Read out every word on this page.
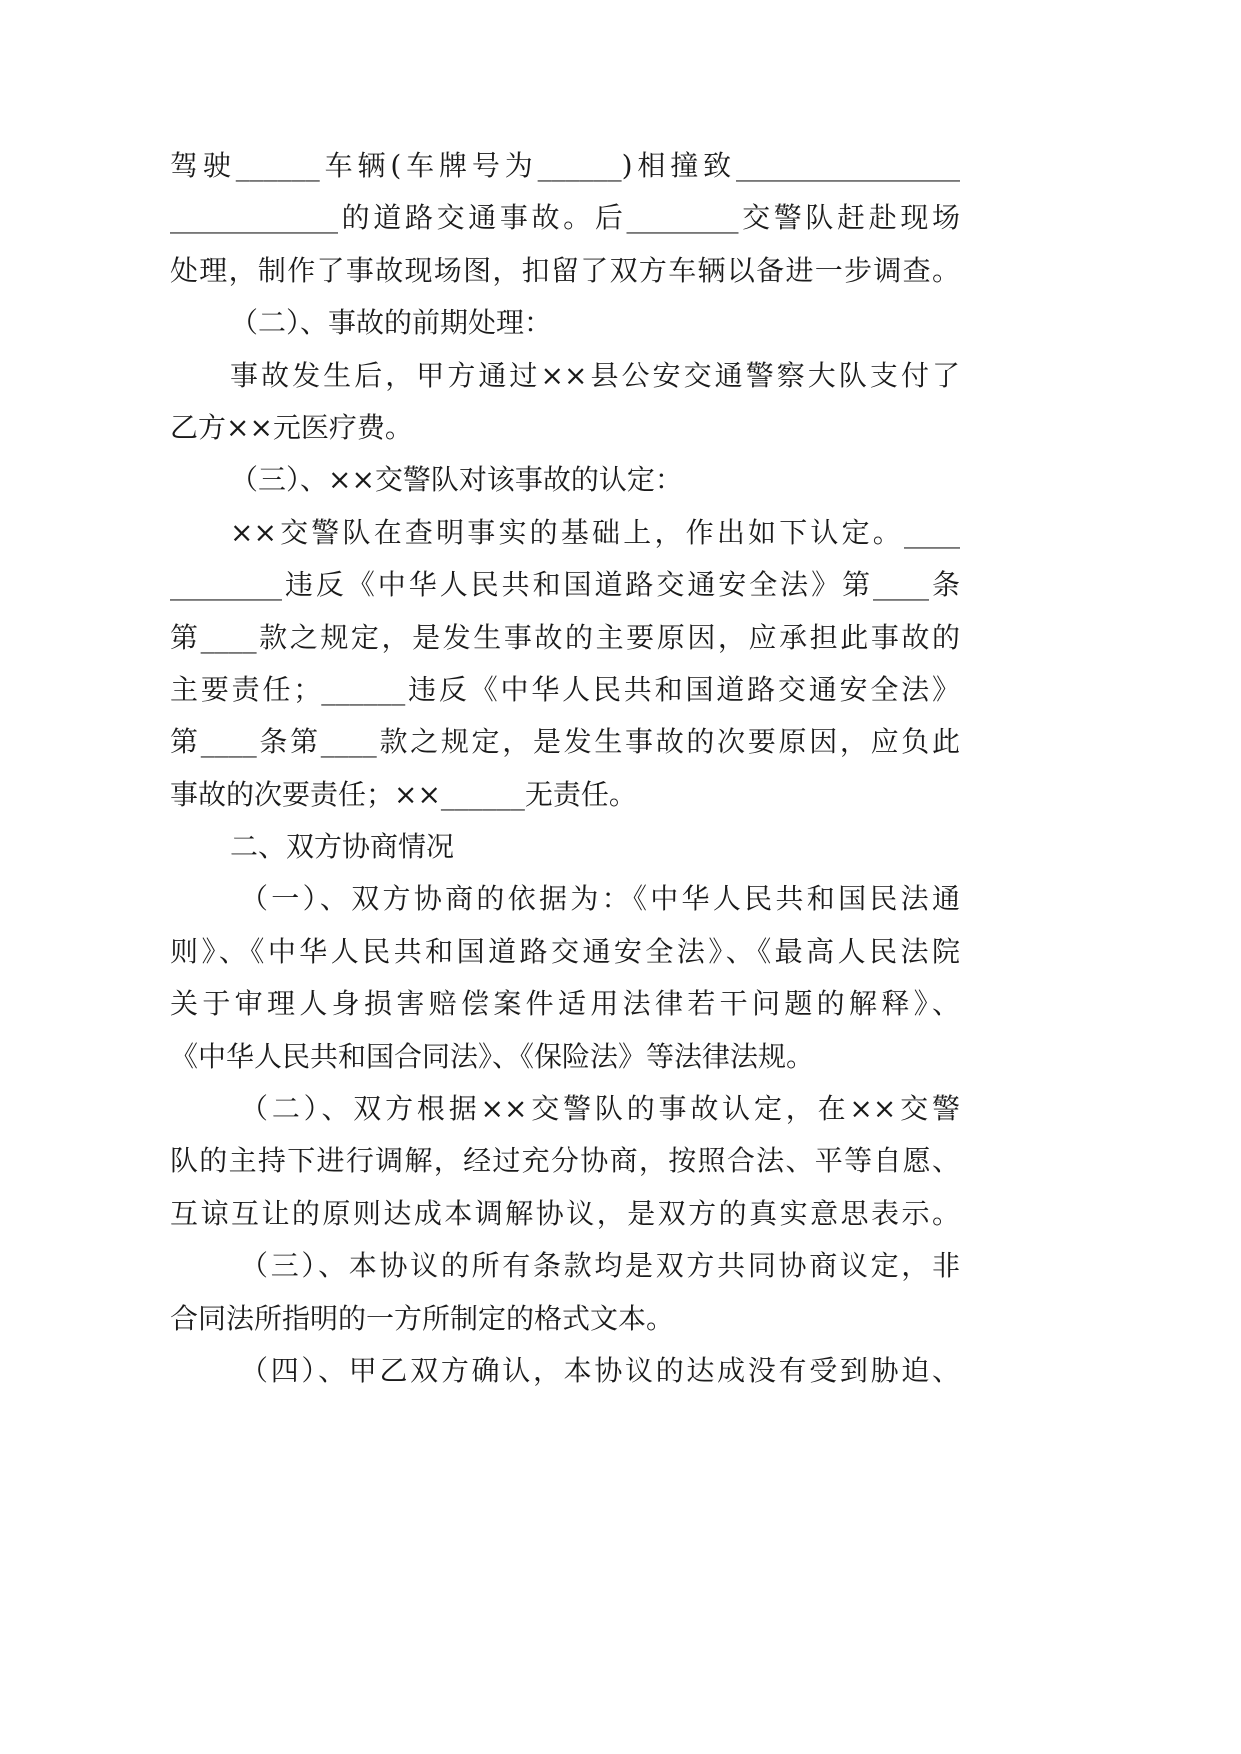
驾驶______车辆(车牌号为______)相撞致________________
____________的道路交通事故。后________交警队赶赴现场
处理，制作了事故现场图，扣留了双方车辆以备进一步调查。
（二）、事故的前期处理：
事故发生后，甲方通过××县公安交通警察大队支付了
乙方××元医疗费。
（三）、××交警队对该事故的认定：
××交警队在查明事实的基础上，作出如下认定。____
________违反《中华人民共和国道路交通安全法》第____条
第____款之规定，是发生事故的主要原因，应承担此事故的
主要责任；______违反《中华人民共和国道路交通安全法》
第____条第____款之规定，是发生事故的次要原因，应负此
事故的次要责任；××______无责任。
二、双方协商情况
（一）、双方协商的依据为：《中华人民共和国民法通
则》、《中华人民共和国道路交通安全法》、《最高人民法院
关于审理人身损害赔偿案件适用法律若干问题的解释》、
《中华人民共和国合同法》、《保险法》等法律法规。
（二）、双方根据××交警队的事故认定，在××交警
队的主持下进行调解，经过充分协商，按照合法、平等自愿、
互谅互让的原则达成本调解协议，是双方的真实意思表示。
（三）、本协议的所有条款均是双方共同协商议定，非
合同法所指明的一方所制定的格式文本。
（四）、甲乙双方确认，本协议的达成没有受到胁迫、
